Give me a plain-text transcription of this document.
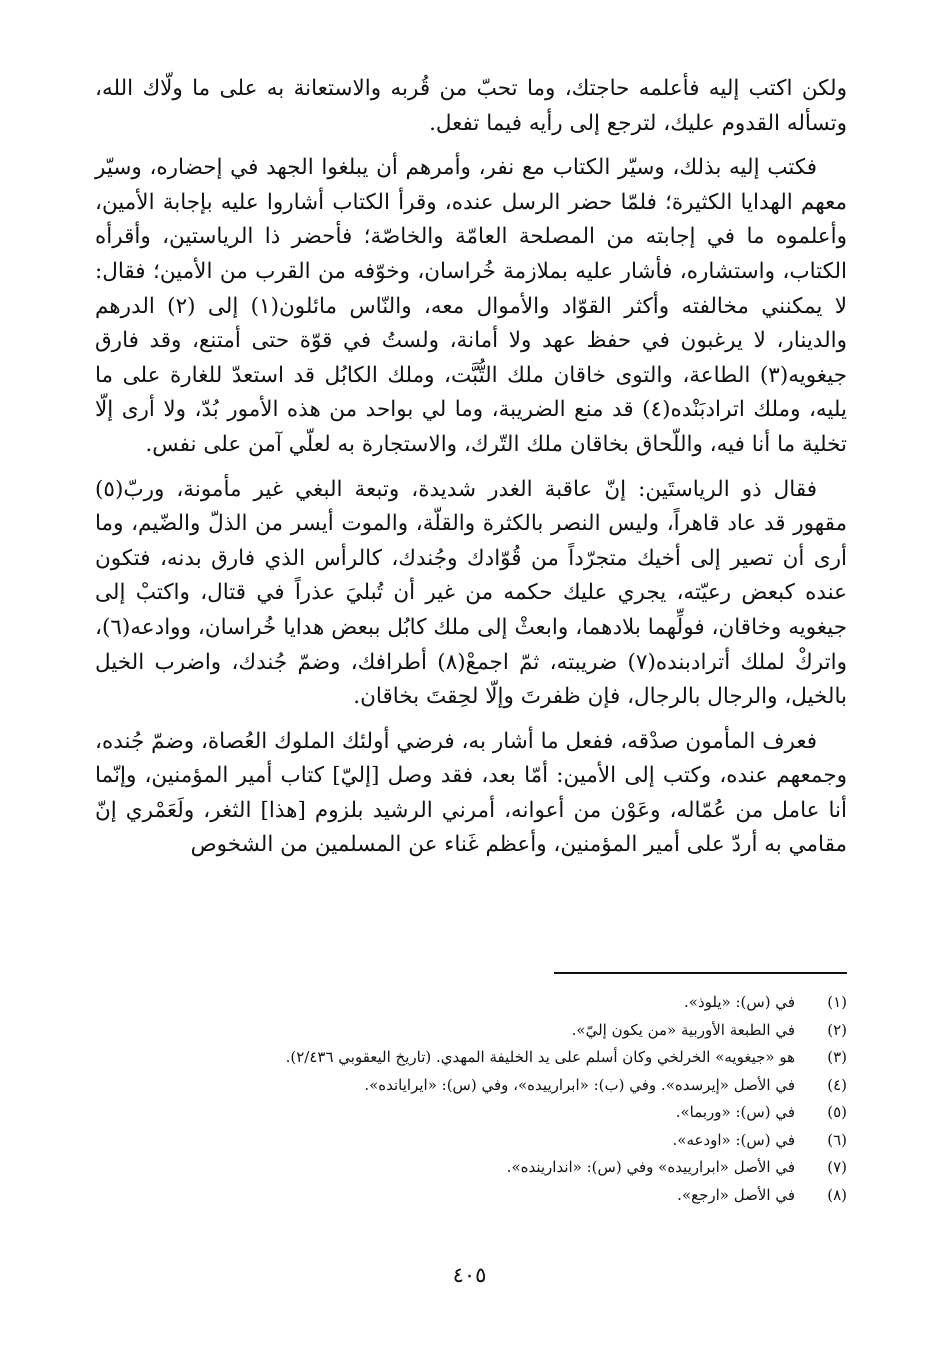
ولكن اكتب إليه فأعلمه حاجتك، وما تحبّ من قُربه والاستعانة به على ما ولّاك الله، وتسأله القدوم عليك، لترجع إلى رأيه فيما تفعل.

فكتب إليه بذلك، وسيّر الكتاب مع نفر، وأمرهم أن يبلغوا الجهد في إحضاره، وسيّر معهم الهدايا الكثيرة؛ فلمّا حضر الرسل عنده، وقرأ الكتاب أشاروا عليه بإجابة الأمين، وأعلموه ما في إجابته من المصلحة العامّة والخاصّة؛ فأحضر ذا الرياستين، وأقرأه الكتاب، واستشاره، فأشار عليه بملازمة خُراسان، وخوّفه من القرب من الأمين؛ فقال: لا يمكنني مخالفته وأكثر القوّاد والأموال معه، والنّاس مائلون(١) إلى (٢) الدرهم والدينار، لا يرغبون في حفظ عهد ولا أمانة، ولستُ في قوّة حتى أمتنع، وقد فارق جيغويه(٣) الطاعة، والتوى خاقان ملك التُّبَّت، وملك الكابُل قد استعدّ للغارة على ما يليه، وملك اترادبَنْده(٤) قد منع الضريبة، وما لي بواحد من هذه الأمور بُدّ، ولا أرى إلّا تخلية ما أنا فيه، واللّحاق بخاقان ملك التّرك، والاستجارة به لعلّي آمن على نفس.

فقال ذو الرياستَين: إنّ عاقبة الغدر شديدة، وتبعة البغي غير مأمونة، وربّ(٥) مقهور قد عاد قاهراً، وليس النصر بالكثرة والقلّة، والموت أيسر من الذلّ والضّيم، وما أرى أن تصير إلى أخيك متجرّداً من قُوّادك وجُندك، كالرأس الذي فارق بدنه، فتكون عنده كبعض رعيّته، يجري عليك حكمه من غير أن تُبليَ عذراً في قتال، واكتبْ إلى جيغويه وخاقان، فولِّهما بلادهما، وابعثْ إلى ملك كابُل ببعض هدايا خُراسان، ووادعه(٦)، واتركْ لملك أترادبنده(٧) ضريبته، ثمّ اجمعْ(٨) أطرافك، وضمّ جُندك، واضرب الخيل بالخيل، والرجال بالرجال، فإن ظفرتَ وإلّا لحِقتَ بخاقان.

فعرف المأمون صدْقه، ففعل ما أشار به، فرضي أولئك الملوك العُصاة، وضمّ جُنده، وجمعهم عنده، وكتب إلى الأمين: أمّا بعد، فقد وصل [إليّ] كتاب أمير المؤمنين، وإنّما أنا عامل من عُمّاله، وعَوْن من أعوانه، أمرني الرشيد بلزوم [هذا] الثغر، ولَعَمْري إنّ مقامي به أردّ على أمير المؤمنين، وأعظم غَناء عن المسلمين من الشخوص

(١)
في (س): «يلوذ».
(٢)
في الطبعة الأوربية «من يكون إليّ».
(٣)
هو «جيغويه» الخرلخي وكان أسلم على يد الخليفة المهدي. (تاريخ اليعقوبي ٢/٤٣٦).
(٤)
في الأصل «إيرسده». وفي (ب): «ابرارييده»، وفي (س): «ايرايانده».
(٥)
في (س): «وربما».
(٦)
في (س): «اودعه».
(٧)
في الأصل «ابرارييده» وفي (س): «اندارينده».
(٨)
في الأصل «ارجع».
٤٠٥
